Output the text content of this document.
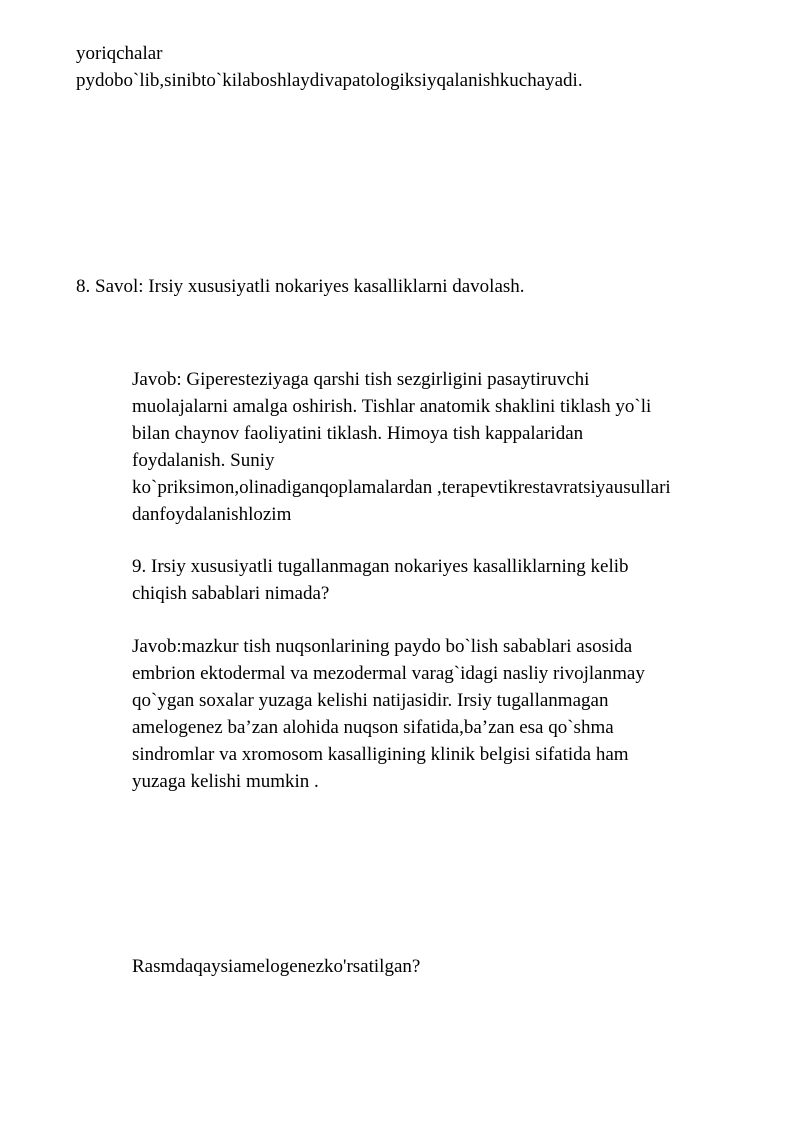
yoriqchalar

pydobo`lib,sinibto`kilaboshlaydivapatologiksiyqalanishkuchayadi.

8. Savol: Irsiy xususiyatli nokariyes kasalliklarni davolash.

Javob: Giperesteziyaga qarshi tish sezgirligini pasaytiruvchi

muolajalarni amalga oshirish. Tishlar anatomik shaklini tiklash yo`li

bilan chaynov faoliyatini tiklash. Himoya tish kappalaridan

foydalanish. Suniy

ko`priksimon,olinadiganqoplamalardan ,terapevtikrestavratsiyausullari

danfoydalanishlozim

9. Irsiy xususiyatli tugallanmagan nokariyes kasalliklarning kelib

chiqish sabablari nimada?

Javob:mazkur tish nuqsonlarining paydo bo`lish sabablari asosida

embrion ektodermal va mezodermal varag`idagi nasliy rivojlanmay

qo`ygan soxalar yuzaga kelishi natijasidir. Irsiy tugallanmagan

amelogenez ba’zan alohida nuqson sifatida,ba’zan esa qo`shma

sindromlar va xromosom kasalligining klinik belgisi sifatida ham

yuzaga kelishi mumkin .

Rasmdaqaysiamelogenezko'rsatilgan?
